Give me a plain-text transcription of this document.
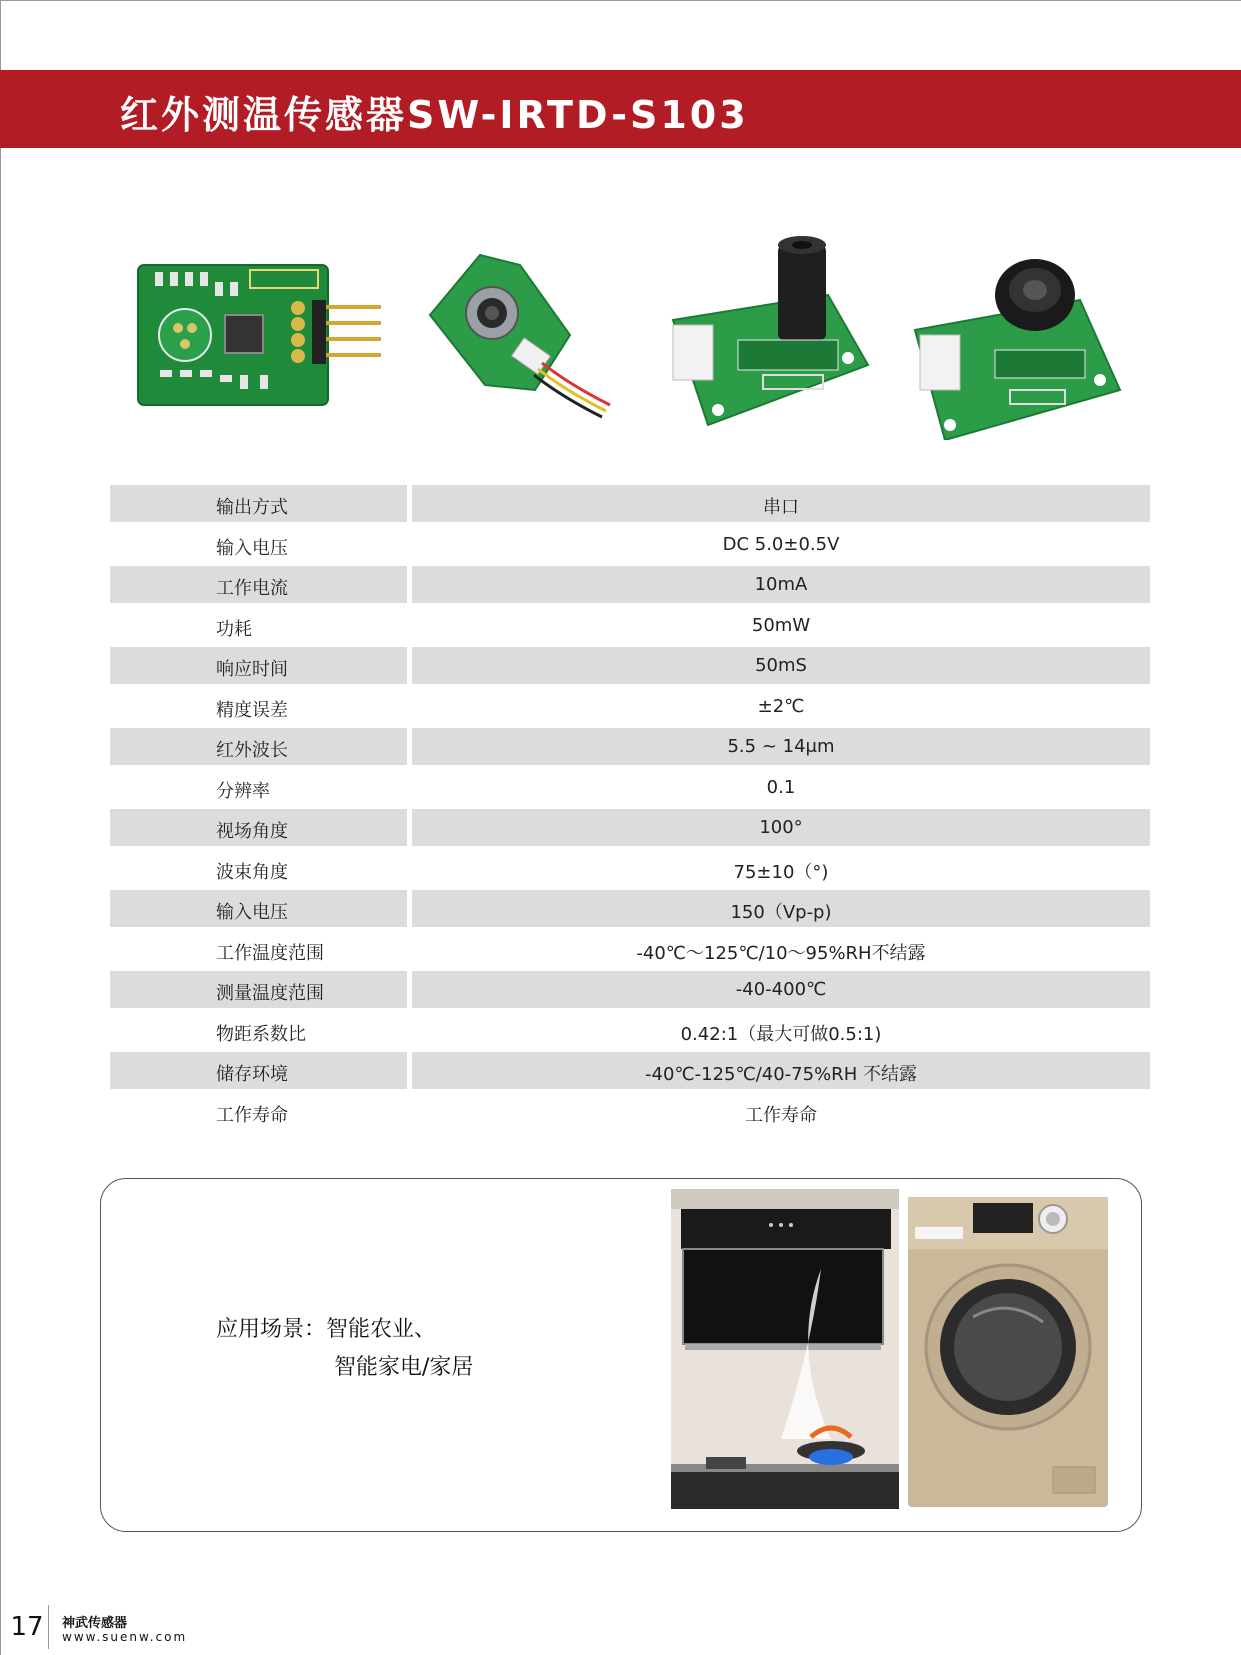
红外测温传感器SW-IRTD-S103
输出方式	串口
输入电压	DC 5.0±0.5V
工作电流	10mA
功耗	50mW
响应时间	50mS
精度误差	±2℃
红外波长	5.5 ~ 14μm
分辨率	0.1
视场角度	100°
波束角度	75±10（°)
输入电压	150（Vp-p)
工作温度范围	-40℃～125℃/10～95%RH不结露
测量温度范围	-40-400℃
物距系数比	0.42:1（最大可做0.5:1)
储存环境	-40℃-125℃/40-75%RH 不结露
工作寿命	工作寿命
应用场景：智能农业、
智能家电/家居
17	神武传感器
www.suenw.com
